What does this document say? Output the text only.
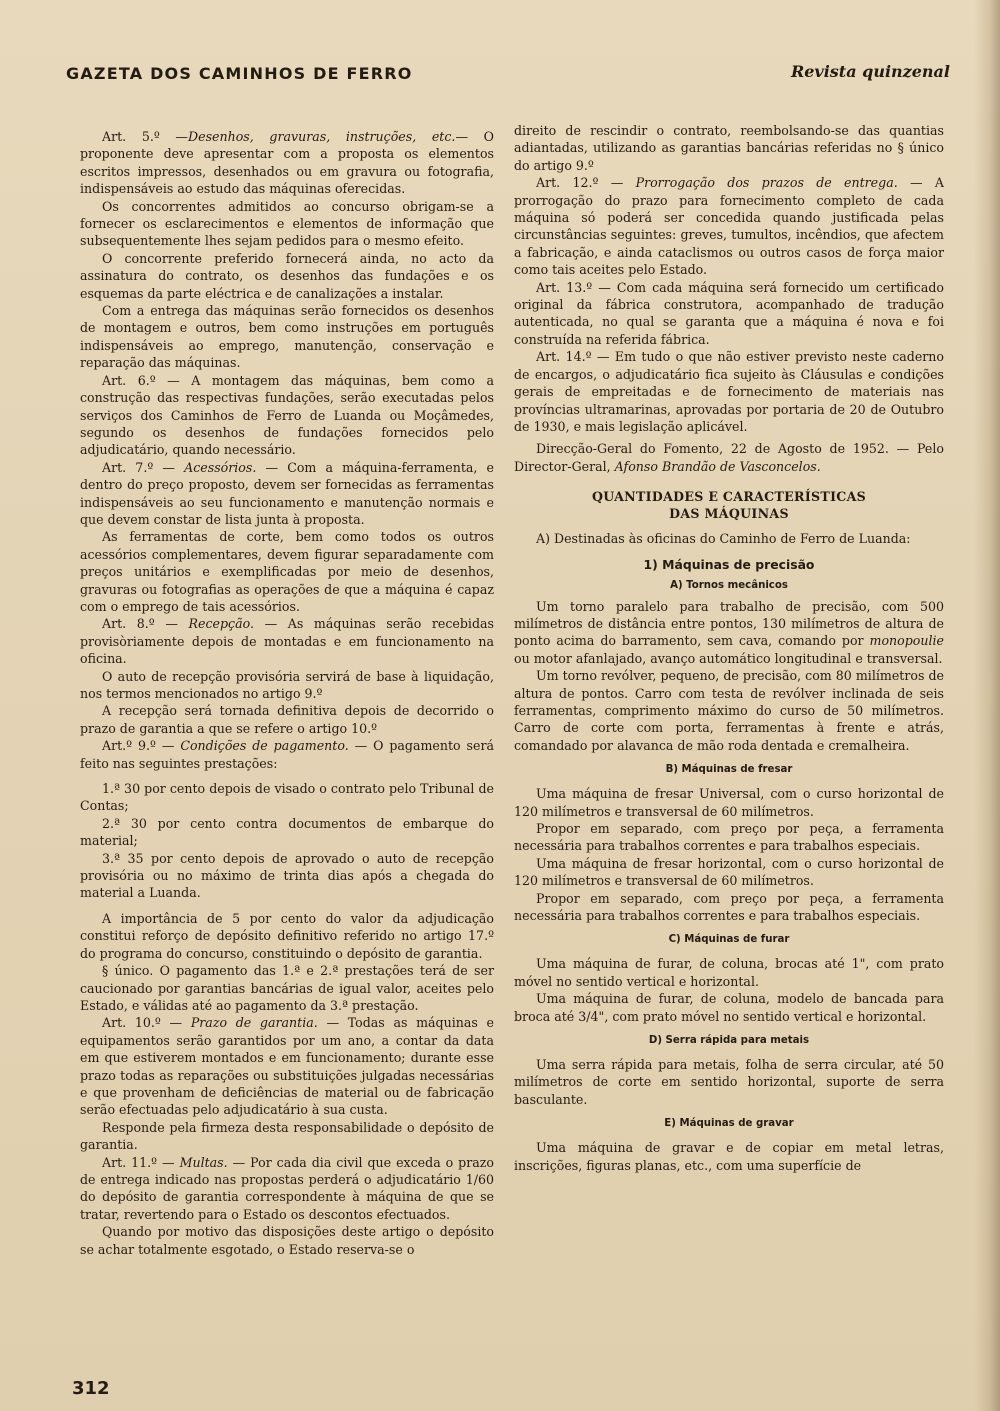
GAZETA DOS CAMINHOS DE FERRO	Revista quinzenal

Art. 5.º —Desenhos, gravuras, instruções, etc.— O proponente deve apresentar com a proposta os elementos escritos impressos, desenhados ou em gravura ou fotografia, indispensáveis ao estudo das máquinas oferecidas.

Os concorrentes admitidos ao concurso obrigam-se a fornecer os esclarecimentos e elementos de informação que subsequentemente lhes sejam pedidos para o mesmo efeito.

O concorrente preferido fornecerá ainda, no acto da assinatura do contrato, os desenhos das fundações e os esquemas da parte eléctrica e de canalizações a instalar.

Com a entrega das máquinas serão fornecidos os desenhos de montagem e outros, bem como instruções em português indispensáveis ao emprego, manutenção, conservação e reparação das máquinas.

Art. 6.º — A montagem das máquinas, bem como a construção das respectivas fundações, serão executadas pelos serviços dos Caminhos de Ferro de Luanda ou Moçâmedes, segundo os desenhos de fundações fornecidos pelo adjudicatário, quando necessário.

Art. 7.º — Acessórios. — Com a máquina-ferramenta, e dentro do preço proposto, devem ser fornecidas as ferramentas indispensáveis ao seu funcionamento e manutenção normais e que devem constar de lista junta à proposta.

As ferramentas de corte, bem como todos os outros acessórios complementares, devem figurar separadamente com preços unitários e exemplificadas por meio de desenhos, gravuras ou fotografias as operações de que a máquina é capaz com o emprego de tais acessórios.

Art. 8.º — Recepção. — As máquinas serão recebidas provisòriamente depois de montadas e em funcionamento na oficina.

O auto de recepção provisória servirá de base à liquidação, nos termos mencionados no artigo 9.º

A recepção será tornada definitiva depois de decorrido o prazo de garantia a que se refere o artigo 10.º

Art.º 9.º — Condições de pagamento. — O pagamento será feito nas seguintes prestações:

1.ª 30 por cento depois de visado o contrato pelo Tribunal de Contas;

2.ª 30 por cento contra documentos de embarque do material;

3.ª 35 por cento depois de aprovado o auto de recepção provisória ou no máximo de trinta dias após a chegada do material a Luanda.

A importância de 5 por cento do valor da adjudicação constitui reforço de depósito definitivo referido no artigo 17.º do programa do concurso, constituindo o depósito de garantia.

§ único. O pagamento das 1.ª e 2.ª prestações terá de ser caucionado por garantias bancárias de igual valor, aceites pelo Estado, e válidas até ao pagamento da 3.ª prestação.

Art. 10.º — Prazo de garantia. — Todas as máquinas e equipamentos serão garantidos por um ano, a contar da data em que estiverem montados e em funcionamento; durante esse prazo todas as reparações ou substituições julgadas necessárias e que provenham de deficiências de material ou de fabricação serão efectuadas pelo adjudicatário à sua custa.

Responde pela firmeza desta responsabilidade o depósito de garantia.

Art. 11.º — Multas. — Por cada dia civil que exceda o prazo de entrega indicado nas propostas perderá o adjudicatário 1/60 do depósito de garantia correspondente à máquina de que se tratar, revertendo para o Estado os descontos efectuados.

Quando por motivo das disposições deste artigo o depósito se achar totalmente esgotado, o Estado reserva-se o

direito de rescindir o contrato, reembolsando-se das quantias adiantadas, utilizando as garantias bancárias referidas no § único do artigo 9.º

Art. 12.º — Prorrogação dos prazos de entrega. — A prorrogação do prazo para fornecimento completo de cada máquina só poderá ser concedida quando justificada pelas circunstâncias seguintes: greves, tumultos, incêndios, que afectem a fabricação, e ainda cataclismos ou outros casos de força maior como tais aceites pelo Estado.

Art. 13.º — Com cada máquina será fornecido um certificado original da fábrica construtora, acompanhado de tradução autenticada, no qual se garanta que a máquina é nova e foi construída na referida fábrica.

Art. 14.º — Em tudo o que não estiver previsto neste caderno de encargos, o adjudicatário fica sujeito às Cláusulas e condições gerais de empreitadas e de fornecimento de materiais nas províncias ultramarinas, aprovadas por portaria de 20 de Outubro de 1930, e mais legislação aplicável.

Direcção-Geral do Fomento, 22 de Agosto de 1952. — Pelo Director-Geral, Afonso Brandão de Vasconcelos.

QUANTIDADES E CARACTERÍSTICAS

DAS MÁQUINAS

A) Destinadas às oficinas do Caminho de Ferro de Luanda:

1) Máquinas de precisão

A) Tornos mecânicos

Um torno paralelo para trabalho de precisão, com 500 milímetros de distância entre pontos, 130 milímetros de altura de ponto acima do barramento, sem cava, comando por monopoulie ou motor afanlajado, avanço automático longitudinal e transversal.

Um torno revólver, pequeno, de precisão, com 80 milímetros de altura de pontos. Carro com testa de revólver inclinada de seis ferramentas, comprimento máximo do curso de 50 milímetros. Carro de corte com porta, ferramentas à frente e atrás, comandado por alavanca de mão roda dentada e cremalheira.

B) Máquinas de fresar

Uma máquina de fresar Universal, com o curso horizontal de 120 milímetros e transversal de 60 milímetros.

Propor em separado, com preço por peça, a ferramenta necessária para trabalhos correntes e para trabalhos especiais.

Uma máquina de fresar horizontal, com o curso horizontal de 120 milímetros e transversal de 60 milímetros.

Propor em separado, com preço por peça, a ferramenta necessária para trabalhos correntes e para trabalhos especiais.

C) Máquinas de furar

Uma máquina de furar, de coluna, brocas até 1", com prato móvel no sentido vertical e horizontal.

Uma máquina de furar, de coluna, modelo de bancada para broca até 3/4", com prato móvel no sentido vertical e horizontal.

D) Serra rápida para metais

Uma serra rápida para metais, folha de serra circular, até 50 milímetros de corte em sentido horizontal, suporte de serra basculante.

E) Máquinas de gravar

Uma máquina de gravar e de copiar em metal letras, inscrições, figuras planas, etc., com uma superfície de

312
